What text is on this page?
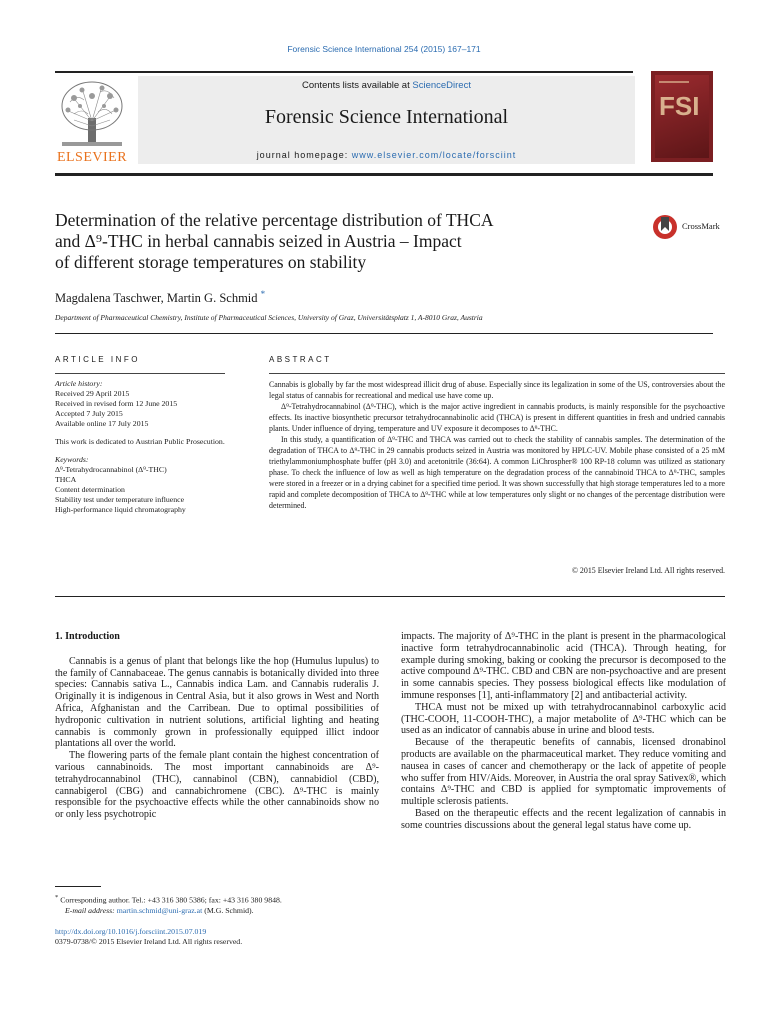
Forensic Science International 254 (2015) 167–171
ELSEVIER
Contents lists available at ScienceDirect
Forensic Science International
journal homepage: www.elsevier.com/locate/forsciint
FSI
Determination of the relative percentage distribution of THCA
and Δ⁹-THC in herbal cannabis seized in Austria – Impact
of different storage temperatures on stability
CrossMark
Magdalena Taschwer, Martin G. Schmid *
Department of Pharmaceutical Chemistry, Institute of Pharmaceutical Sciences, University of Graz, Universitätsplatz 1, A-8010 Graz, Austria
ARTICLE INFO	ABSTRACT
Article history:
Received 29 April 2015
Received in revised form 12 June 2015
Accepted 7 July 2015
Available online 17 July 2015
This work is dedicated to Austrian Public Prosecution.
Keywords:
Δ⁹-Tetrahydrocannabinol (Δ⁹-THC)
THCA
Content determination
Stability test under temperature influence
High-performance liquid chromatography

Cannabis is globally by far the most widespread illicit drug of abuse. Especially since its legalization in some of the US, controversies about the legal status of cannabis for recreational and medical use have come up.

Δ⁹-Tetrahydrocannabinol (Δ⁹-THC), which is the major active ingredient in cannabis products, is mainly responsible for the psychoactive effects. Its inactive biosynthetic precursor tetrahydrocannabinolic acid (THCA) is present in different quantities in fresh and undried cannabis plants. Under influence of drying, temperature and UV exposure it decomposes to Δ⁹-THC.

In this study, a quantification of Δ⁹-THC and THCA was carried out to check the stability of cannabis samples. The determination of the degradation of THCA to Δ⁹-THC in 29 cannabis products seized in Austria was monitored by HPLC-UV. Mobile phase consisted of a 25 mM triethylammoniumphosphate buffer (pH 3.0) and acetonitrile (36:64). A common LiChrospher® 100 RP-18 column was utilized as stationary phase. To check the influence of low as well as high temperature on the degradation process of the cannabinoid THCA to Δ⁹-THC, samples were stored in a freezer or in a drying cabinet for a specified time period. It was shown successfully that high storage temperatures led to a more rapid and complete decomposition of THCA to Δ⁹-THC while at low temperatures only slight or no changes of the percentage distribution were determined.

© 2015 Elsevier Ireland Ltd. All rights reserved.
1. Introduction

Cannabis is a genus of plant that belongs like the hop (Humulus lupulus) to the family of Cannabaceae. The genus cannabis is botanically divided into three species: Cannabis sativa L., Cannabis indica Lam. and Cannabis ruderalis J. Originally it is indigenous in Central Asia, but it also grows in West and North Africa, Afghanistan and the Carribean. Due to optimal possibilities of hydroponic cultivation in nutrient solutions, artificial lighting and heating cannabis is commonly grown in professionally equipped illict indoor plantations all over the world.

The flowering parts of the female plant contain the highest concentration of various cannabinoids. The most important cannabinoids are Δ⁹-tetrahydrocannabinol (THC), cannabinol (CBN), cannabidiol (CBD), cannabigerol (CBG) and cannabichromene (CBC). Δ⁹-THC is mainly responsible for the psychoactive effects while the other cannabinoids show no or only less psychotropic

impacts. The majority of Δ⁹-THC in the plant is present in the pharmacological inactive form tetrahydrocannabinolic acid (THCA). Through heating, for example during smoking, baking or cooking the precursor is decomposed to the active compound Δ⁹-THC. CBD and CBN are non-psychoactive and are present in some cannabis species. They possess biological effects like modulation of immune responses [1], anti-inflammatory [2] and antibacterial activity.

THCA must not be mixed up with tetrahydrocannabinol carboxylic acid (THC-COOH, 11-COOH-THC), a major metabolite of Δ⁹-THC which can be used as an indicator of cannabis abuse in urine and blood tests.

Because of the therapeutic benefits of cannabis, licensed dronabinol products are available on the pharmaceutical market. They reduce vomiting and nausea in cases of cancer and chemotherapy or the lack of appetite of people who suffer from HIV/Aids. Moreover, in Austria the oral spray Sativex®, which contains Δ⁹-THC and CBD is applied for symptomatic improvements of multiple sclerosis patients.

Based on the therapeutic effects and the recent legalization of cannabis in some countries discussions about the general legal status have come up.

* Corresponding author. Tel.: +43 316 380 5386; fax: +43 316 380 9848.
E-mail address: martin.schmid@uni-graz.at (M.G. Schmid).
http://dx.doi.org/10.1016/j.forsciint.2015.07.019
0379-0738/© 2015 Elsevier Ireland Ltd. All rights reserved.
